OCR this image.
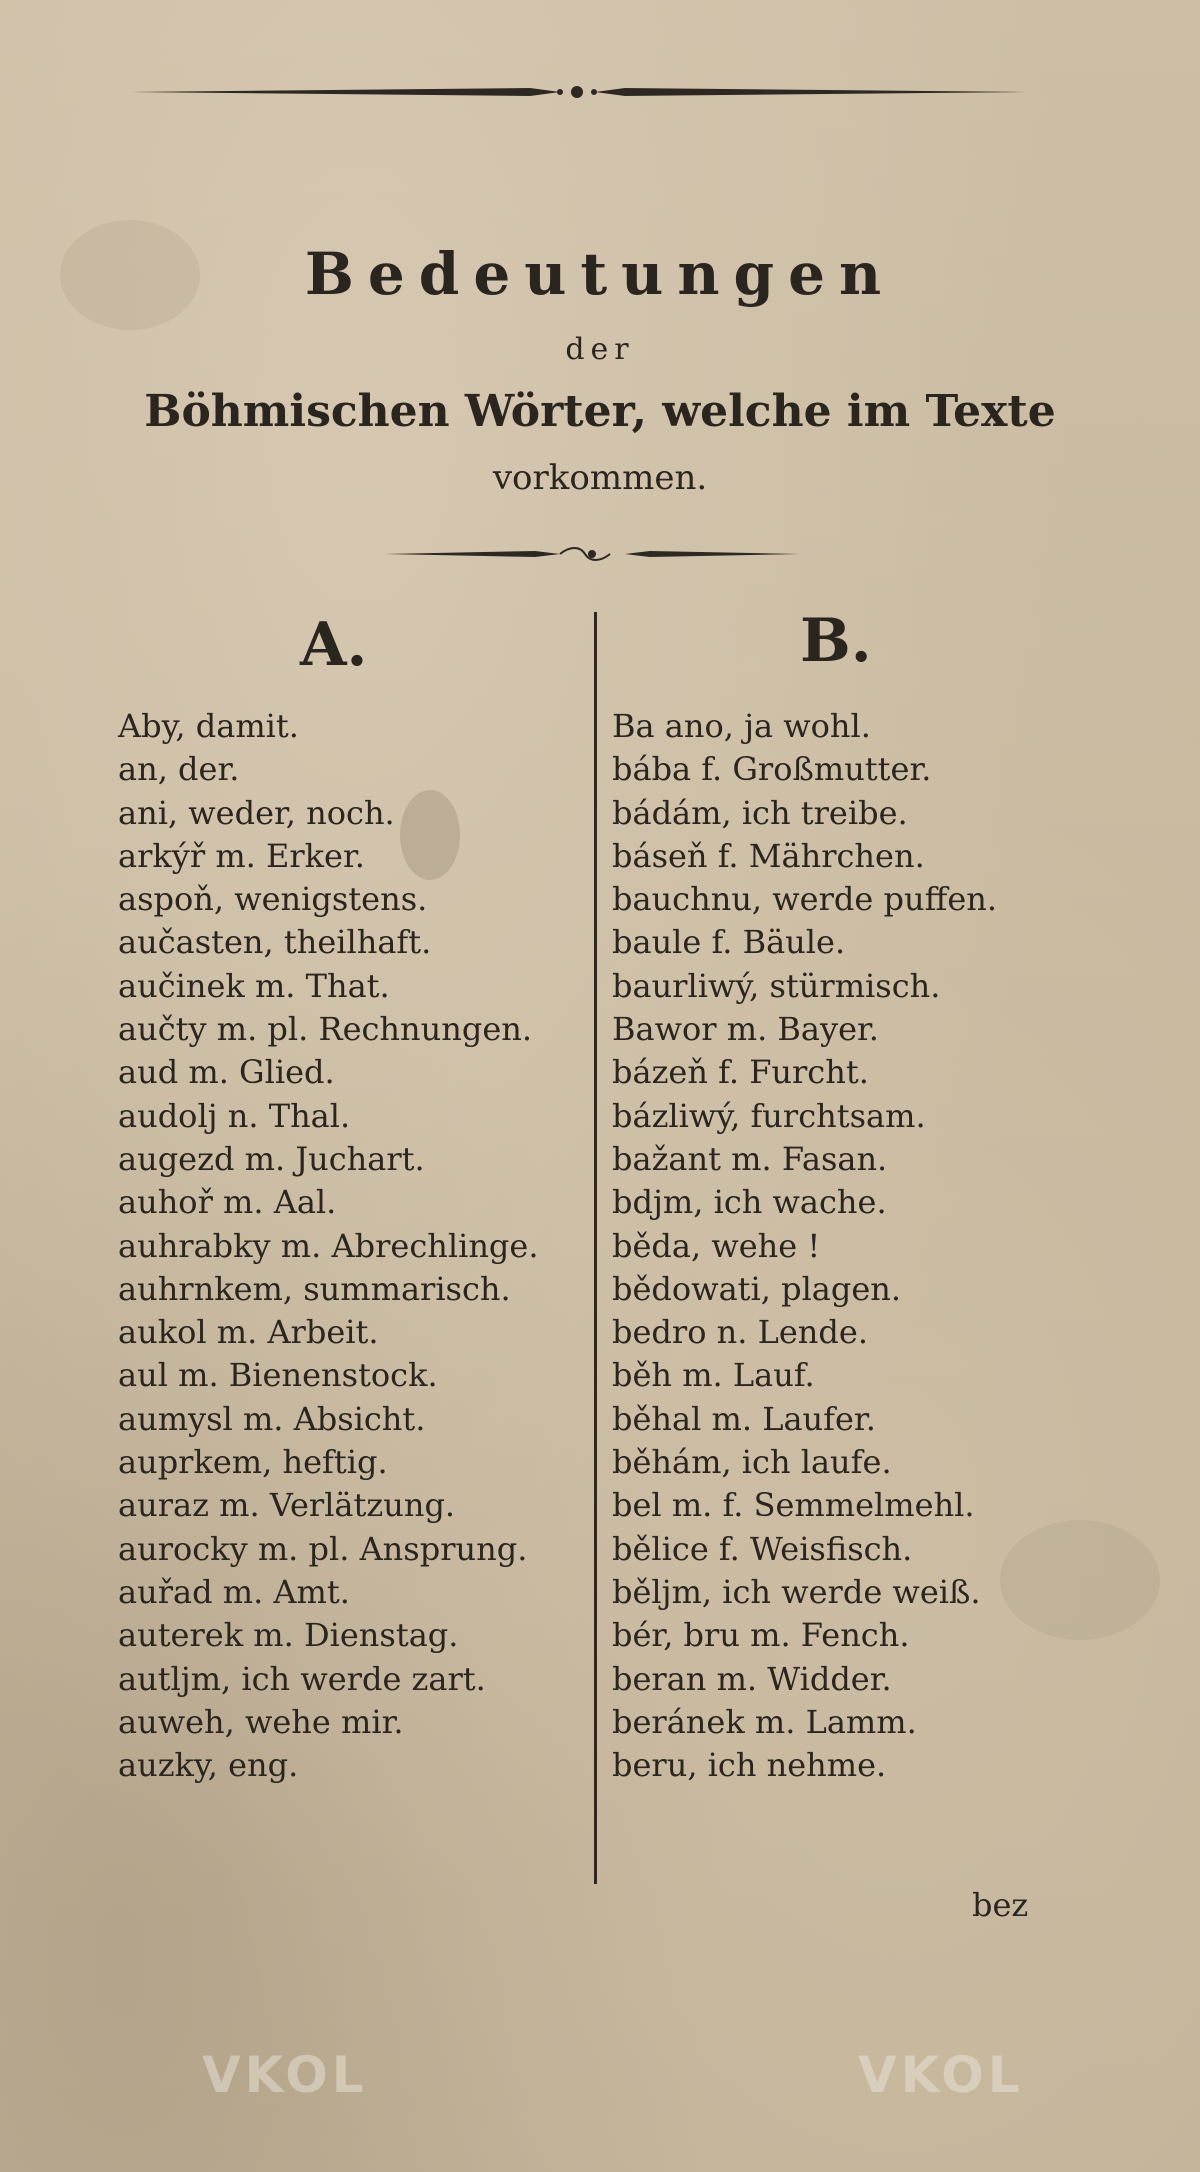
Bedeutungen
der
Böhmischen Wörter, welche im Texte
vorkommen.
A.	B.
Aby, damit.
an, der.
ani, weder, noch.
arkýř m. Erker.
aspoň, wenigstens.
aučasten, theilhaft.
aučinek m. That.
aučty m. pl. Rechnungen.
aud m. Glied.
audolj n. Thal.
augezd m. Juchart.
auhoř m. Aal.
auhrabky m. Abrechlinge.
auhrnkem, summarisch.
aukol m. Arbeit.
aul m. Bienenstock.
aumysl m. Absicht.
auprkem, heftig.
auraz m. Verlätzung.
aurocky m. pl. Ansprung.
auřad m. Amt.
auterek m. Dienstag.
autljm, ich werde zart.
auweh, wehe mir.
auzky, eng.
Ba ano, ja wohl.
bába f. Großmutter.
bádám, ich treibe.
báseň f. Mährchen.
bauchnu, werde puffen.
baule f. Bäule.
baurliwý, stürmisch.
Bawor m. Bayer.
bázeň f. Furcht.
bázliwý, furchtsam.
bažant m. Fasan.
bdjm, ich wache.
běda, wehe !
bědowati, plagen.
bedro n. Lende.
běh m. Lauf.
běhal m. Laufer.
běhám, ich laufe.
bel m. f. Semmelmehl.
bělice f. Weisfisch.
běljm, ich werde weiß.
bér, bru m. Fench.
beran m. Widder.
beránek m. Lamm.
beru, ich nehme.
bez
VKOL	VKOL
